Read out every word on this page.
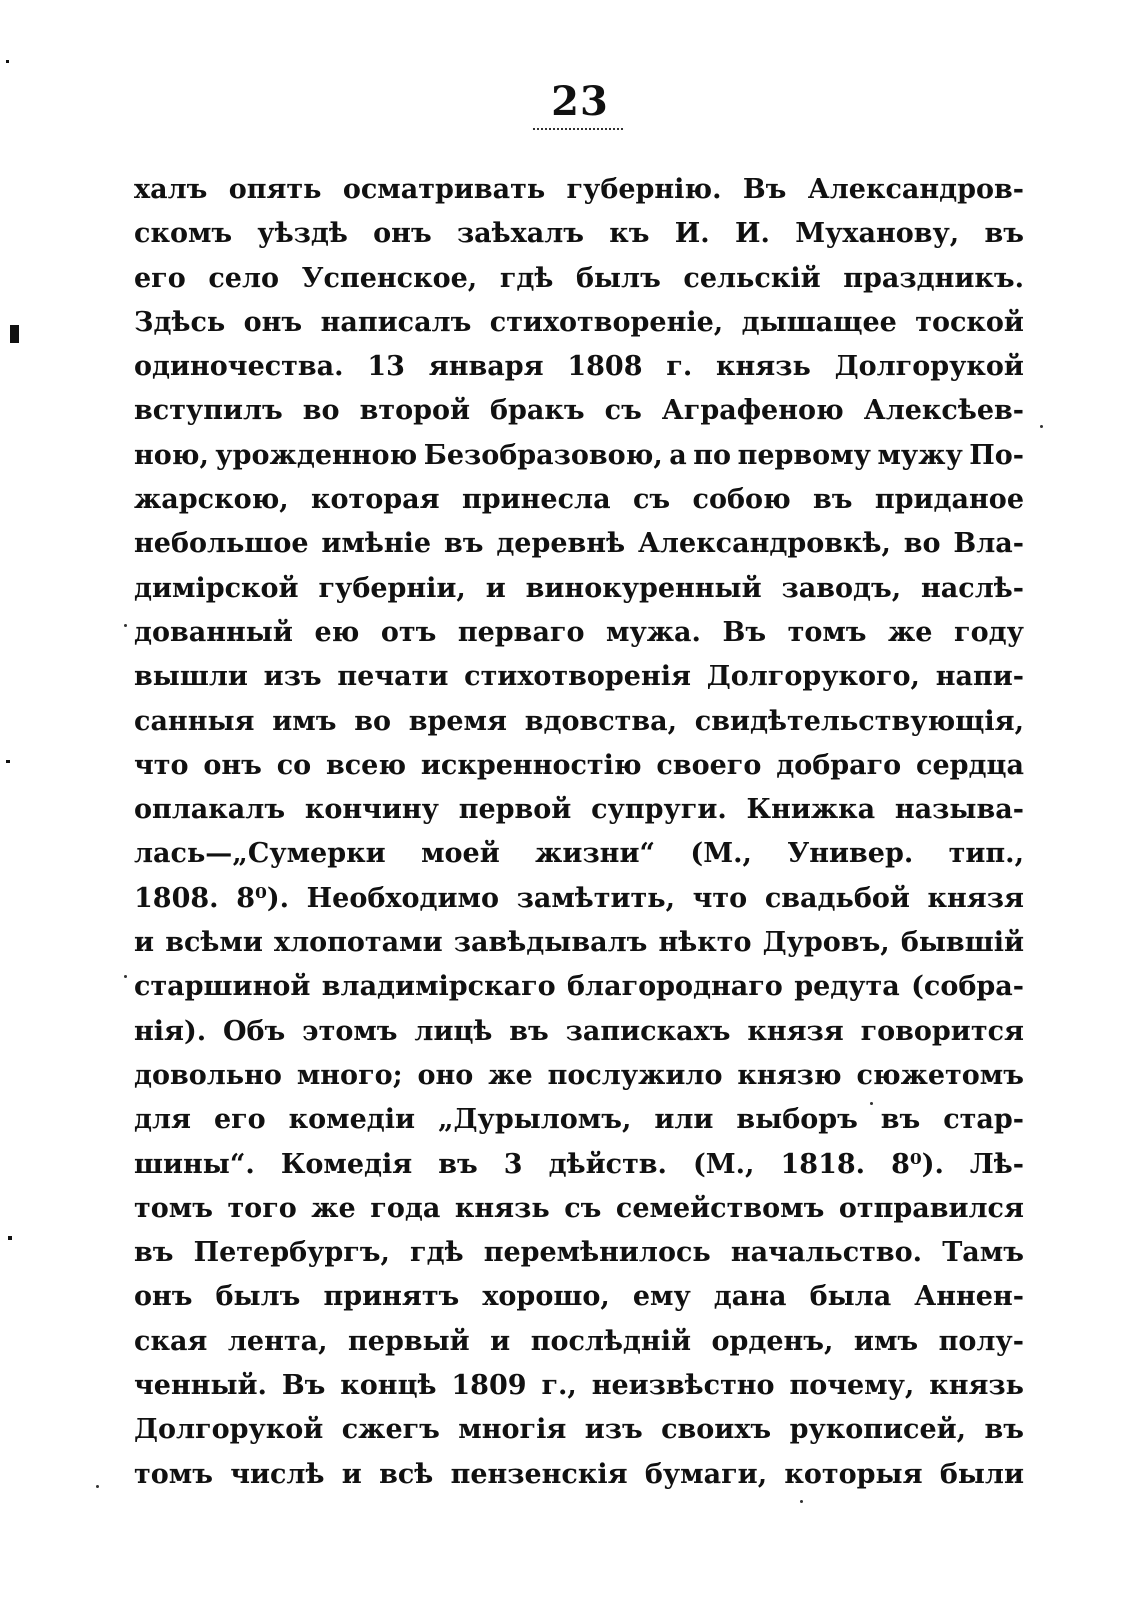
23
халъ опять осматривать губернію. Въ Александров-
скомъ уѣздѣ онъ заѣхалъ къ И. И. Муханову, въ
его село Успенское, гдѣ былъ сельскій праздникъ.
Здѣсь онъ написалъ стихотвореніе, дышащее тоской
одиночества. 13 января 1808 г. князь Долгорукой
вступилъ во второй бракъ съ Аграфеною Алексѣев-
ною, урожденною Безобразовою, а по первому мужу По-
жарскою, которая принесла съ собою въ приданое
небольшое имѣніе въ деревнѣ Александровкѣ, во Вла-
димірской губерніи, и винокуренный заводъ, наслѣ-
дованный ею отъ перваго мужа. Въ томъ же году
вышли изъ печати стихотворенія Долгорукого, напи-
санныя имъ во время вдовства, свидѣтельствующія,
что онъ со всею искренностію своего добраго сердца
оплакалъ кончину первой супруги. Книжка называ-
лась—„Сумерки моей жизни“ (М., Универ. тип.,
1808. 8⁰). Необходимо замѣтить, что свадьбой князя
и всѣми хлопотами завѣдывалъ нѣкто Дуровъ, бывшій
старшиной владимірскаго благороднаго редута (собра-
нія). Объ этомъ лицѣ въ запискахъ князя говорится
довольно много; оно же послужило князю сюжетомъ
для его комедіи „Дурыломъ, или выборъ въ стар-
шины“. Комедія въ 3 дѣйств. (М., 1818. 8⁰). Лѣ-
томъ того же года князь съ семействомъ отправился
въ Петербургъ, гдѣ перемѣнилось начальство. Тамъ
онъ былъ принятъ хорошо, ему дана была Аннен-
ская лента, первый и послѣдній орденъ, имъ полу-
ченный. Въ концѣ 1809 г., неизвѣстно почему, князь
Долгорукой сжегъ многія изъ своихъ рукописей, въ
томъ числѣ и всѣ пензенскія бумаги, которыя были
